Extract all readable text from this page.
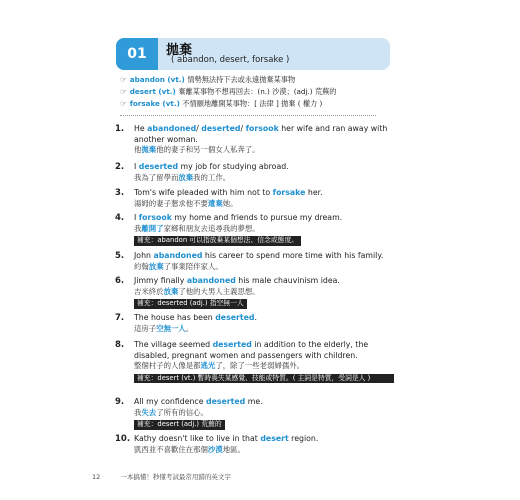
01	拋棄
( abandon, desert, forsake )
☞ abandon (vt.) 情勢無法持下去或永遠拋棄某事物
☞ desert (vt.) 棄離某事物不想再回去：(n.) 沙漠；(adj.) 荒蕪的
☞ forsake (vt.) 不情願地離開某事物：[ 法律 ] 拋棄 ( 權力 )
1. He abandoned/ deserted/ forsook her wife and ran away with another woman.
他拋棄他的妻子和另一個女人私奔了。
2. I deserted my job for studying abroad.
我為了留學而放棄我的工作。
3. Tom's wife pleaded with him not to forsake her.
湯姆的妻子懇求他不要遺棄她。
4. I forsook my home and friends to pursue my dream.
我離開了家鄉和朋友去追尋我的夢想。
補充：abandon 可以指放棄某個想法、信念或態度。
5. John abandoned his career to spend more time with his family.
約翰放棄了事業陪伴家人。
6. Jimmy finally abandoned his male chauvinism idea.
吉米終於放棄了他的大男人主義思想。
補充：deserted (adj.) 指空無一人
7. The house has been deserted.
這房子空無一人。
8. The village seemed deserted in addition to the elderly, the disabled, pregnant women and passengers with children.
整個村子的人像是都逃光了，除了一些老弱婦孺外。
補充：desert (vt.) 暫時喪失某感覺、技能或特質。( 主詞是特質，受詞是人 )
9. All my confidence deserted me.
我失去了所有的信心。
補充：desert (adj.) 荒蕪的
10. Kathy doesn't like to live in that desert region.
凱西並不喜歡住在那個沙漠地區。
12	一本搞懂！秒懂考試最常用錯的英文字
